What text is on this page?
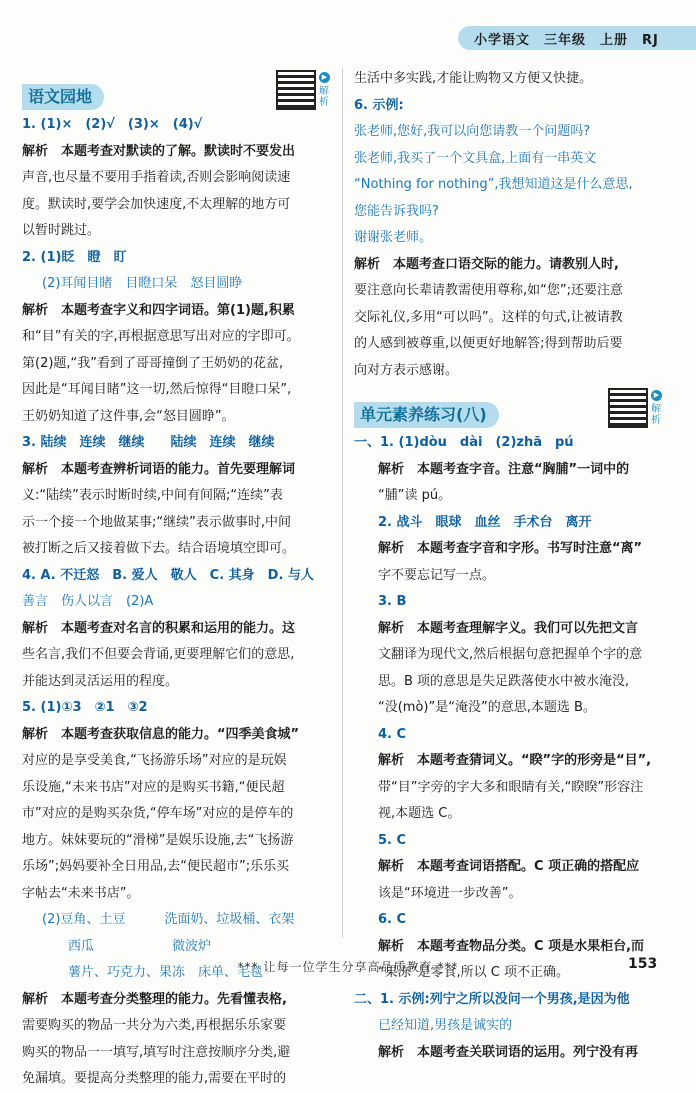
小学语文　三年级　上册　RJ
语文园地
▶
解析
1. (1)×　(2)√　(3)×　(4)√
解析　本题考查对默读的了解。默读时不要发出
声音,也尽量不要用手指着读,否则会影响阅读速
度。默读时,要学会加快速度,不太理解的地方可
以暂时跳过。
2. (1)眨　瞪　盯
(2)耳闻目睹　目瞪口呆　怒目圆睁
解析　本题考查字义和四字词语。第(1)题,积累
和“目”有关的字,再根据意思写出对应的字即可。
第(2)题,“我”看到了哥哥撞倒了王奶奶的花盆,
因此是“耳闻目睹”这一切,然后惊得“目瞪口呆”,
王奶奶知道了这件事,会“怒目圆睁”。
3. 陆续　连续　继续　　陆续　连续　继续
解析　本题考查辨析词语的能力。首先要理解词
义:“陆续”表示时断时续,中间有间隔;“连续”表
示一个接一个地做某事;“继续”表示做事时,中间
被打断之后又接着做下去。结合语境填空即可。
4. A. 不迁怒　B. 爱人　敬人　C. 其身　D. 与人
善言　伤人以言　(2)A
解析　本题考查对名言的积累和运用的能力。这
些名言,我们不但要会背诵,更要理解它们的意思,
并能达到灵活运用的程度。
5. (1)①3　②1　③2
解析　本题考查获取信息的能力。“四季美食城”
对应的是享受美食,“飞扬游乐场”对应的是玩娱
乐设施,“未来书店”对应的是购买书籍,“便民超
市”对应的是购买杂货,“停车场”对应的是停车的
地方。妹妹要玩的“滑梯”是娱乐设施,去“飞扬游
乐场”;妈妈要补全日用品,去“便民超市”;乐乐买
字帖去“未来书店”。
(2)豆角、土豆　　　洗面奶、垃圾桶、衣架
　　西瓜　　　　　　微波炉
　　薯片、巧克力、果冻　床单、毛毯
解析　本题考查分类整理的能力。先看懂表格,
需要购买的物品一共分为六类,再根据乐乐家要
购买的物品一一填写,填写时注意按顺序分类,避
免漏填。要提高分类整理的能力,需要在平时的
生活中多实践,才能让购物又方便又快捷。
6. 示例:
张老师,您好,我可以向您请教一个问题吗?
张老师,我买了一个文具盒,上面有一串英文
“Nothing for nothing”,我想知道这是什么意思,
您能告诉我吗?
谢谢张老师。
解析　本题考查口语交际的能力。请教别人时,
要注意向长辈请教需使用尊称,如“您”;还要注意
交际礼仪,多用“可以吗”。这样的句式,让被请教
的人感到被尊重,以便更好地解答;得到帮助后要
向对方表示感谢。
单元素养练习(八)
▶
解析
一、1. (1)dòu　dài　(2)zhā　pú
解析　本题考查字音。注意“胸脯”一词中的
“脯”读 pú。
2. 战斗　眼球　血丝　手术台　离开
解析　本题考查字音和字形。书写时注意“离”
字不要忘记写一点。
3. B
解析　本题考查理解字义。我们可以先把文言
文翻译为现代文,然后根据句意把握单个字的意
思。B 项的意思是失足跌落使水中被水淹没,
“没(mò)”是“淹没”的意思,本题选 B。
4. C
解析　本题考查猜词义。“睽”字的形旁是“目”,
带“目”字旁的字大多和眼睛有关,“睽睽”形容注
视,本题选 C。
5. C
解析　本题考查词语搭配。C 项正确的搭配应
该是“环境进一步改善”。
6. C
解析　本题考查物品分类。C 项是水果柜台,而
“果冻”是零食,所以 C 项不正确。
二、1. 示例:列宁之所以没问一个男孩,是因为他
已经知道,男孩是诚实的
解析　本题考查关联词语的运用。列宁没有再
*** 让每一位学生分享高品质教育 ***	153
